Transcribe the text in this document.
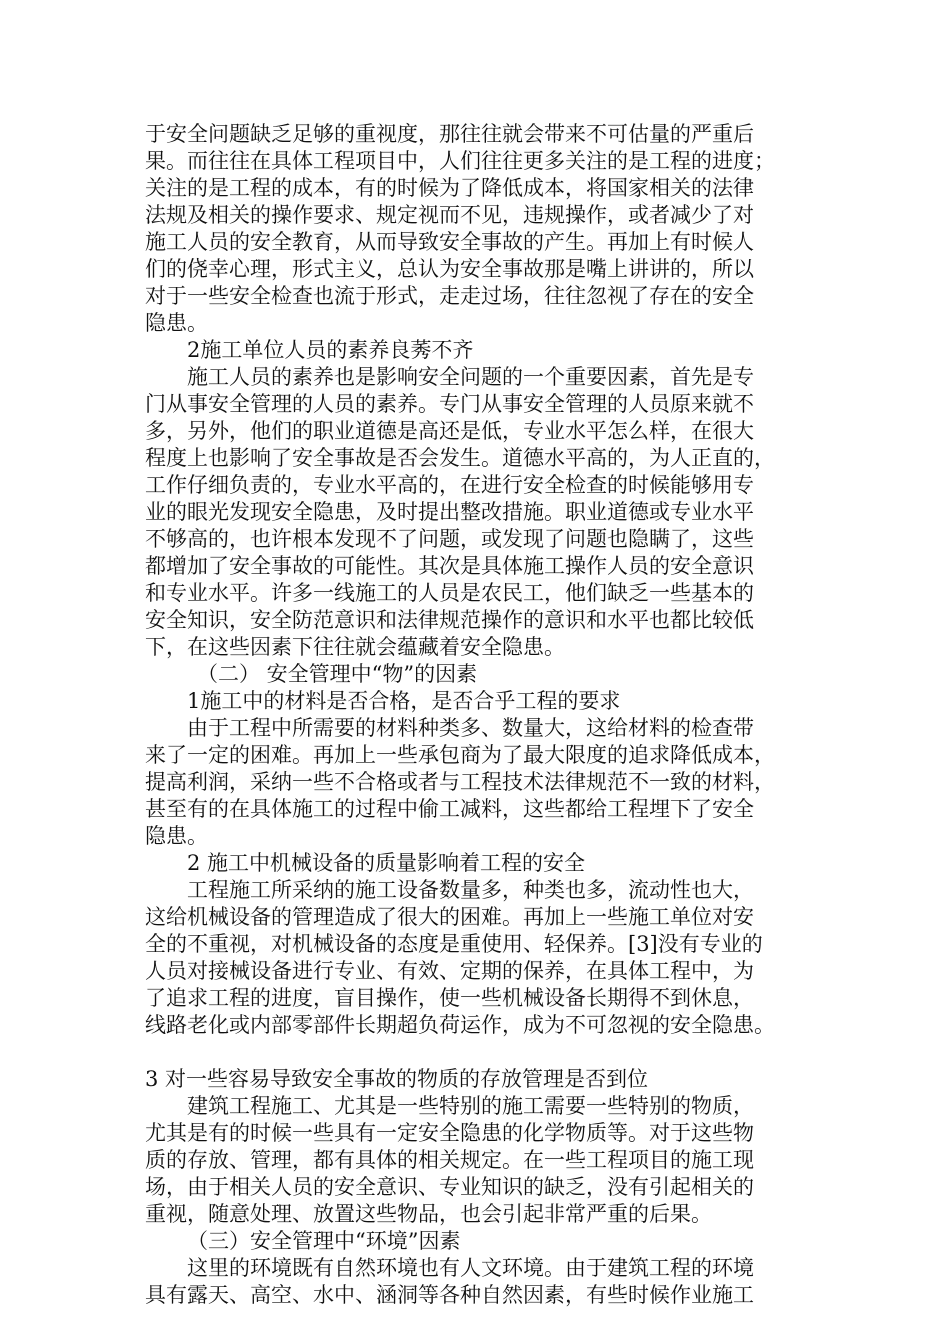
于安全问题缺乏足够的重视度，那往往就会带来不可估量的严重后
果。而往往在具体工程项目中，人们往往更多关注的是工程的进度；
关注的是工程的成本，有的时候为了降低成本，将国家相关的法律
法规及相关的操作要求、规定视而不见，违规操作，或者减少了对
施工人员的安全教育，从而导致安全事故的产生。再加上有时候人
们的侥幸心理，形式主义，总认为安全事故那是嘴上讲讲的，所以
对于一些安全检查也流于形式，走走过场，往往忽视了存在的安全
隐患。
2施工单位人员的素养良莠不齐
施工人员的素养也是影响安全问题的一个重要因素，首先是专
门从事安全管理的人员的素养。专门从事安全管理的人员原来就不
多，另外，他们的职业道德是高还是低，专业水平怎么样，在很大
程度上也影响了安全事故是否会发生。道德水平高的，为人正直的，
工作仔细负责的，专业水平高的，在进行安全检查的时候能够用专
业的眼光发现安全隐患，及时提出整改措施。职业道德或专业水平
不够高的，也许根本发现不了问题，或发现了问题也隐瞒了，这些
都增加了安全事故的可能性。其次是具体施工操作人员的安全意识
和专业水平。许多一线施工的人员是农民工，他们缺乏一些基本的
安全知识，安全防范意识和法律规范操作的意识和水平也都比较低
下，在这些因素下往往就会蕴藏着安全隐患。
（二） 安全管理中“物”的因素
1施工中的材料是否合格，是否合乎工程的要求
由于工程中所需要的材料种类多、数量大，这给材料的检查带
来了一定的困难。再加上一些承包商为了最大限度的追求降低成本，
提高利润，采纳一些不合格或者与工程技术法律规范不一致的材料，
甚至有的在具体施工的过程中偷工减料，这些都给工程埋下了安全
隐患。
2 施工中机械设备的质量影响着工程的安全
工程施工所采纳的施工设备数量多，种类也多，流动性也大，
这给机械设备的管理造成了很大的困难。再加上一些施工单位对安
全的不重视，对机械设备的态度是重使用、轻保养。[3]没有专业的
人员对接械设备进行专业、有效、定期的保养，在具体工程中，为
了追求工程的进度，盲目操作，使一些机械设备长期得不到休息，
线路老化或内部零部件长期超负荷运作，成为不可忽视的安全隐患。
3 对一些容易导致安全事故的物质的存放管理是否到位
建筑工程施工、尤其是一些特别的施工需要一些特别的物质，
尤其是有的时候一些具有一定安全隐患的化学物质等。对于这些物
质的存放、管理，都有具体的相关规定。在一些工程项目的施工现
场，由于相关人员的安全意识、专业知识的缺乏，没有引起相关的
重视，随意处理、放置这些物品，也会引起非常严重的后果。
（三）安全管理中“环境”因素
这里的环境既有自然环境也有人文环境。由于建筑工程的环境
具有露天、高空、水中、涵洞等各种自然因素，有些时候作业施工
